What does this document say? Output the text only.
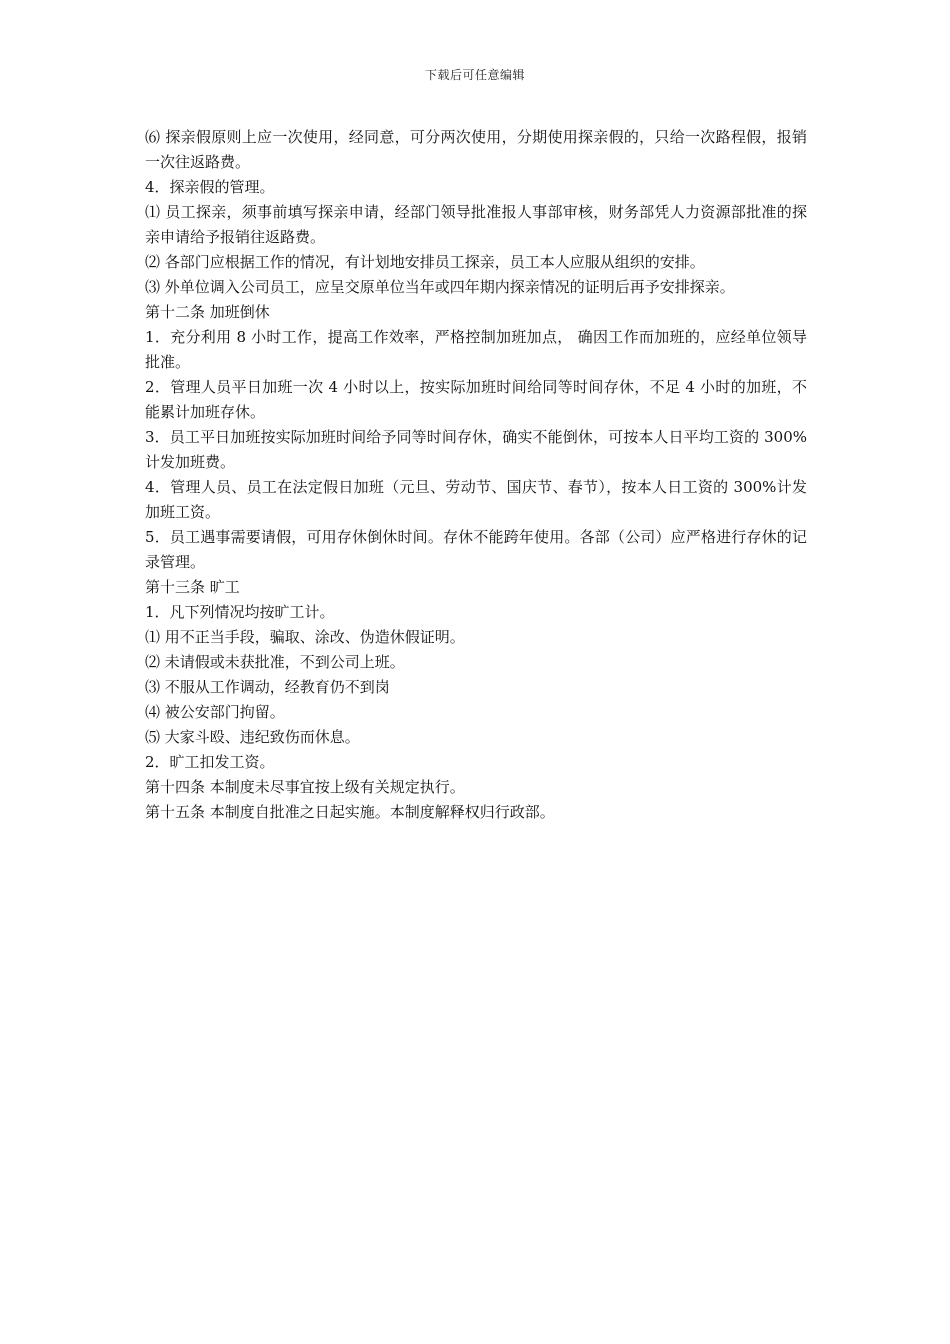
下载后可任意编辑

⑹ 探亲假原则上应一次使用，经同意，可分两次使用，分期使用探亲假的，只给一次路程假，报销一次往返路费。

4．探亲假的管理。

⑴ 员工探亲，须事前填写探亲申请，经部门领导批准报人事部审核，财务部凭人力资源部批准的探亲申请给予报销往返路费。

⑵ 各部门应根据工作的情况，有计划地安排员工探亲，员工本人应服从组织的安排。

⑶ 外单位调入公司员工，应呈交原单位当年或四年期内探亲情况的证明后再予安排探亲。

第十二条 加班倒休

1．充分利用 8 小时工作，提高工作效率，严格控制加班加点， 确因工作而加班的，应经单位领导批准。

2．管理人员平日加班一次 4 小时以上，按实际加班时间给同等时间存休，不足 4 小时的加班，不能累计加班存休。

3．员工平日加班按实际加班时间给予同等时间存休，确实不能倒休，可按本人日平均工资的 300%计发加班费。

4．管理人员、员工在法定假日加班（元旦、劳动节、国庆节、春节），按本人日工资的 300%计发加班工资。

5．员工遇事需要请假，可用存休倒休时间。存休不能跨年使用。各部（公司）应严格进行存休的记录管理。

第十三条 旷工

1．凡下列情况均按旷工计。

⑴ 用不正当手段，骗取、涂改、伪造休假证明。

⑵ 未请假或未获批准，不到公司上班。

⑶ 不服从工作调动，经教育仍不到岗

⑷ 被公安部门拘留。

⑸ 大家斗殴、违纪致伤而休息。

2．旷工扣发工资。

第十四条 本制度未尽事宜按上级有关规定执行。

第十五条 本制度自批准之日起实施。本制度解释权归行政部。
